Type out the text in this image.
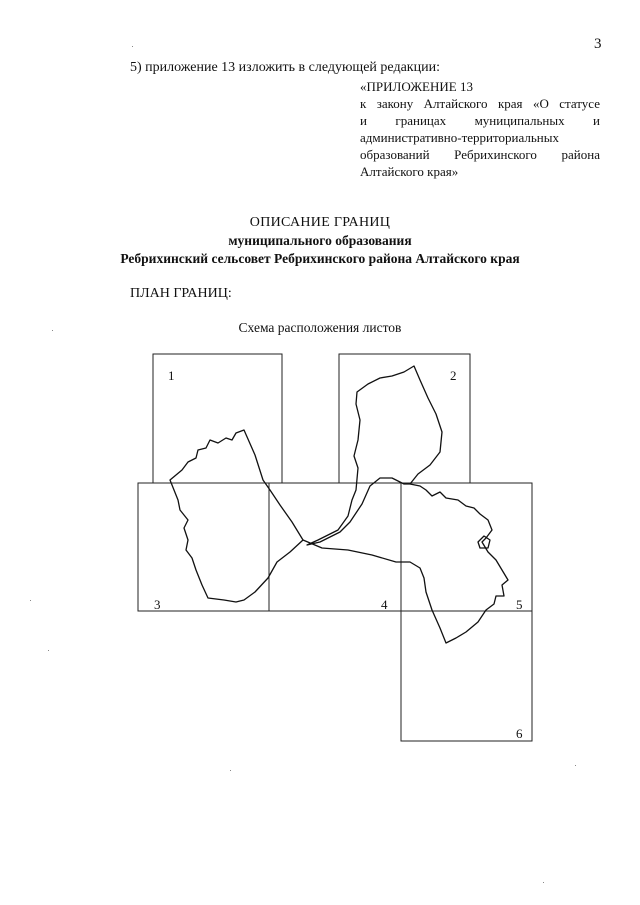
3
5) приложение 13 изложить в следующей редакции:
«ПРИЛОЖЕНИЕ 13
к закону Алтайского края «О статусе
и границах муниципальных и
административно-территориальных
образований Ребрихинского района
Алтайского края»
ОПИСАНИЕ ГРАНИЦ
муниципального образования
Ребрихинский сельсовет Ребрихинского района Алтайского края
ПЛАН ГРАНИЦ:
Схема расположения листов
1	2
3	4	5
6
